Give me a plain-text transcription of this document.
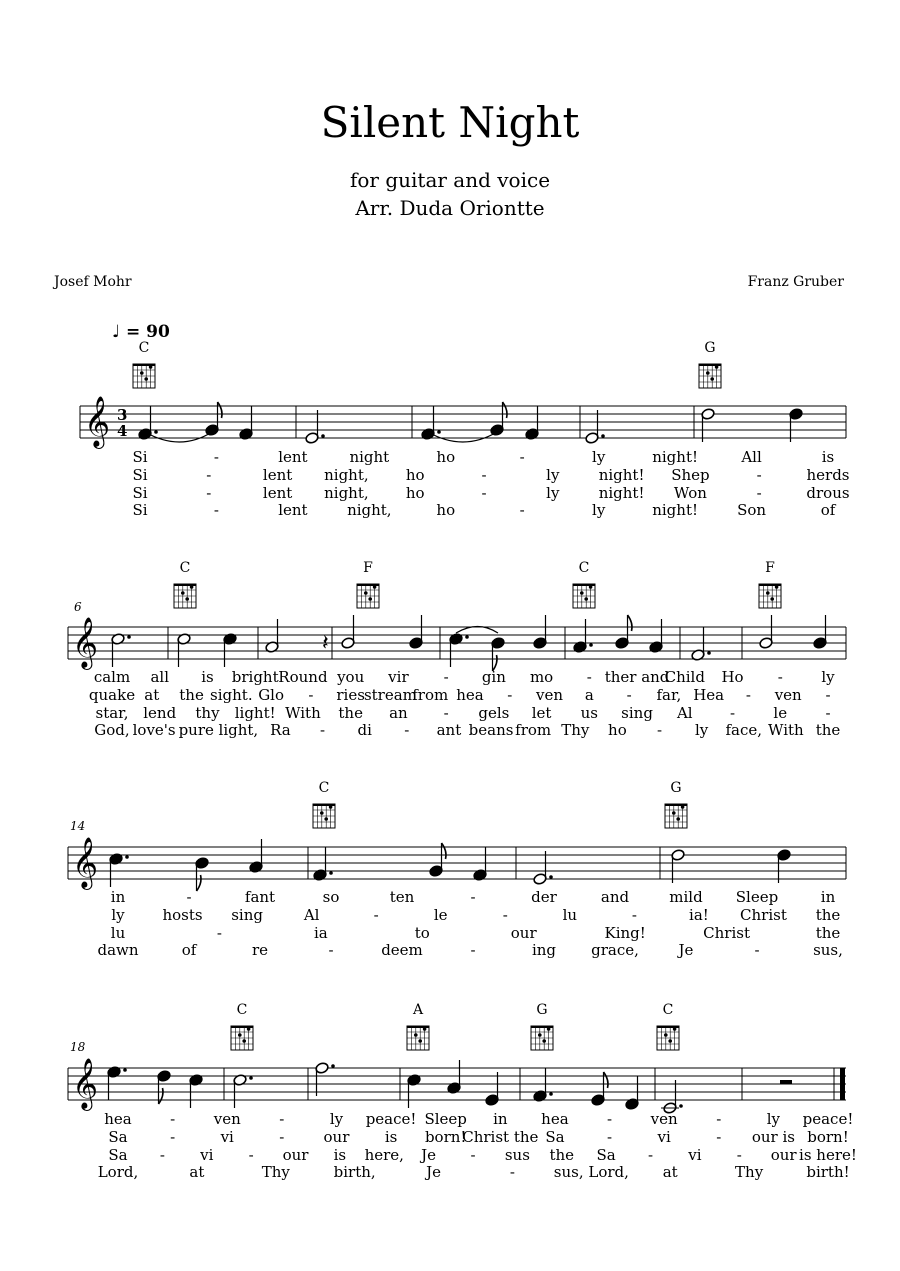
Silent Night
for guitar and voice
Arr. Duda Oriontte
Josef Mohr	Franz Gruber
♩ = 90
𝄞
𝄞
𝄞
𝄞
3
4
6
14
18
𝄽
C	G
C	F	C	F
C	G
C	A	G	C
Si	-	lent	night	ho	-	ly	night!	All	is
Si	-	lent night, ho	-	ly	night! Shep	-	herds
Si	-	lent night, ho	-	ly	night! Won	-	drous
Si	-	lent	night,	ho	-	ly	night!	Son	of
calm all is bright Round you vir - gin mo - ther and
Child Ho -	ly
quake at the sight. Glo - ries stream
from hea - ven a - far, Hea - ven -
star, lend thy light! With the an - gels let us sing Al -	le	-
God, love's pure light, Ra - di - ant beans from Thy ho - ly face, With the
in	-	fant	so	ten	-	der	and	mild Sleep	in
ly	hosts sing	Al	-	le	-	lu	-	ia! Christ the
lu	-	ia	to	our	King!	Christ	the
dawn	of	re	-	deem	-	ing grace,	Je	-	sus,
hea	-	ven	-	ly peace! Sleep in hea	-	ven	-	ly peace!
Sa	-	vi	-	our is born!
Christ the Sa	-	vi	- our is born!
Sa - vi - our is here, Je - sus the Sa - vi - our is here!
Lord,	at	Thy	birth,	Je	-	sus, Lord, at	Thy	birth!
